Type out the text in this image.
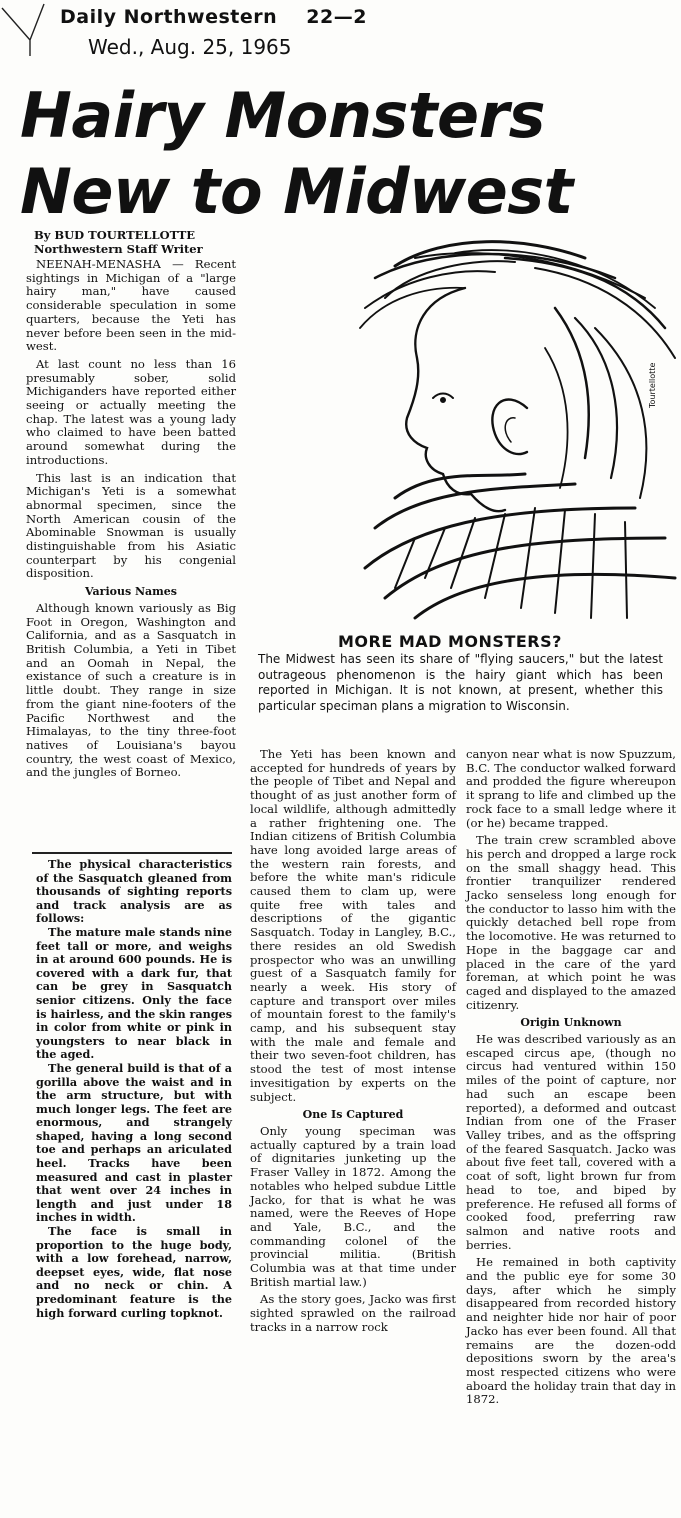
Daily Northwestern 22—2
Wed., Aug. 25, 1965
Hairy Monsters
New to Midwest
By BUD TOURTELLOTTE
Northwestern Staff Writer

NEENAH-MENASHA — Recent sightings in Michigan of a "large hairy man," have caused considerable speculation in some quarters, because the Yeti has never before been seen in the mid-west.

At last count no less than 16 presumably sober, solid Michiganders have reported either seeing or actually meeting the chap. The latest was a young lady who claimed to have been batted around somewhat during the introductions.

This last is an indication that Michigan's Yeti is a somewhat abnormal specimen, since the North American cousin of the Abominable Snowman is usually distinguishable from his Asiatic counterpart by his congenial disposition.

Various Names

Although known variously as Big Foot in Oregon, Washington and California, and as a Sasquatch in British Columbia, a Yeti in Tibet and an Oomah in Nepal, the existance of such a creature is in little doubt. They range in size from the giant nine-footers of the Pacific Northwest and the Himalayas, to the tiny three-foot natives of Louisiana's bayou country, the west coast of Mexico, and the jungles of Borneo.

The physical characteristics of the Sasquatch gleaned from thousands of sighting reports and track analysis are as follows:

The mature male stands nine feet tall or more, and weighs in at around 600 pounds. He is covered with a dark fur, that can be grey in Sasquatch senior citizens. Only the face is hairless, and the skin ranges in color from white or pink in youngsters to near black in the aged.

The general build is that of a gorilla above the waist and in the arm structure, but with much longer legs. The feet are enormous, and strangely shaped, having a long second toe and perhaps an ariculated heel. Tracks have been measured and cast in plaster that went over 24 inches in length and just under 18 inches in width.

The face is small in proportion to the huge body, with a low forehead, narrow, deepset eyes, wide, flat nose and no neck or chin. A predominant feature is the high forward curling topknot.

Tourtellotte
MORE MAD MONSTERS?
The Midwest has seen its share of "flying saucers," but the latest outrageous phenomenon is the hairy giant which has been reported in Michigan. It is not known, at present, whether this particular speciman plans a migration to Wisconsin.

The Yeti has been known and accepted for hundreds of years by the people of Tibet and Nepal and thought of as just another form of local wildlife, although admittedly a rather frightening one. The Indian citizens of British Columbia have long avoided large areas of the western rain forests, and before the white man's ridicule caused them to clam up, were quite free with tales and descriptions of the gigantic Sasquatch. Today in Langley, B.C., there resides an old Swedish prospector who was an unwilling guest of a Sasquatch family for nearly a week. His story of capture and transport over miles of mountain forest to the family's camp, and his subsequent stay with the male and female and their two seven-foot children, has stood the test of most intense invesitigation by experts on the subject.

One Is Captured

Only young speciman was actually captured by a train load of dignitaries junketing up the Fraser Valley in 1872. Among the notables who helped subdue Little Jacko, for that is what he was named, were the Reeves of Hope and Yale, B.C., and the commanding colonel of the provincial militia. (British Columbia was at that time under British martial law.)

As the story goes, Jacko was first sighted sprawled on the railroad tracks in a narrow rock

canyon near what is now Spuzzum, B.C. The conductor walked forward and prodded the figure whereupon it sprang to life and climbed up the rock face to a small ledge where it (or he) became trapped.

The train crew scrambled above his perch and dropped a large rock on the small shaggy head. This frontier tranquilizer rendered Jacko senseless long enough for the conductor to lasso him with the quickly detached bell rope from the locomotive. He was returned to Hope in the baggage car and placed in the care of the yard foreman, at which point he was caged and displayed to the amazed citizenry.

Origin Unknown

He was described variously as an escaped circus ape, (though no circus had ventured within 150 miles of the point of capture, nor had such an escape been reported), a deformed and outcast Indian from one of the Fraser Valley tribes, and as the offspring of the feared Sasquatch. Jacko was about five feet tall, covered with a coat of soft, light brown fur from head to toe, and biped by preference. He refused all forms of cooked food, preferring raw salmon and native roots and berries.

He remained in both captivity and the public eye for some 30 days, after which he simply disappeared from recorded history and neighter hide nor hair of poor Jacko has ever been found. All that remains are the dozen-odd depositions sworn by the area's most respected citizens who were aboard the holiday train that day in 1872.
